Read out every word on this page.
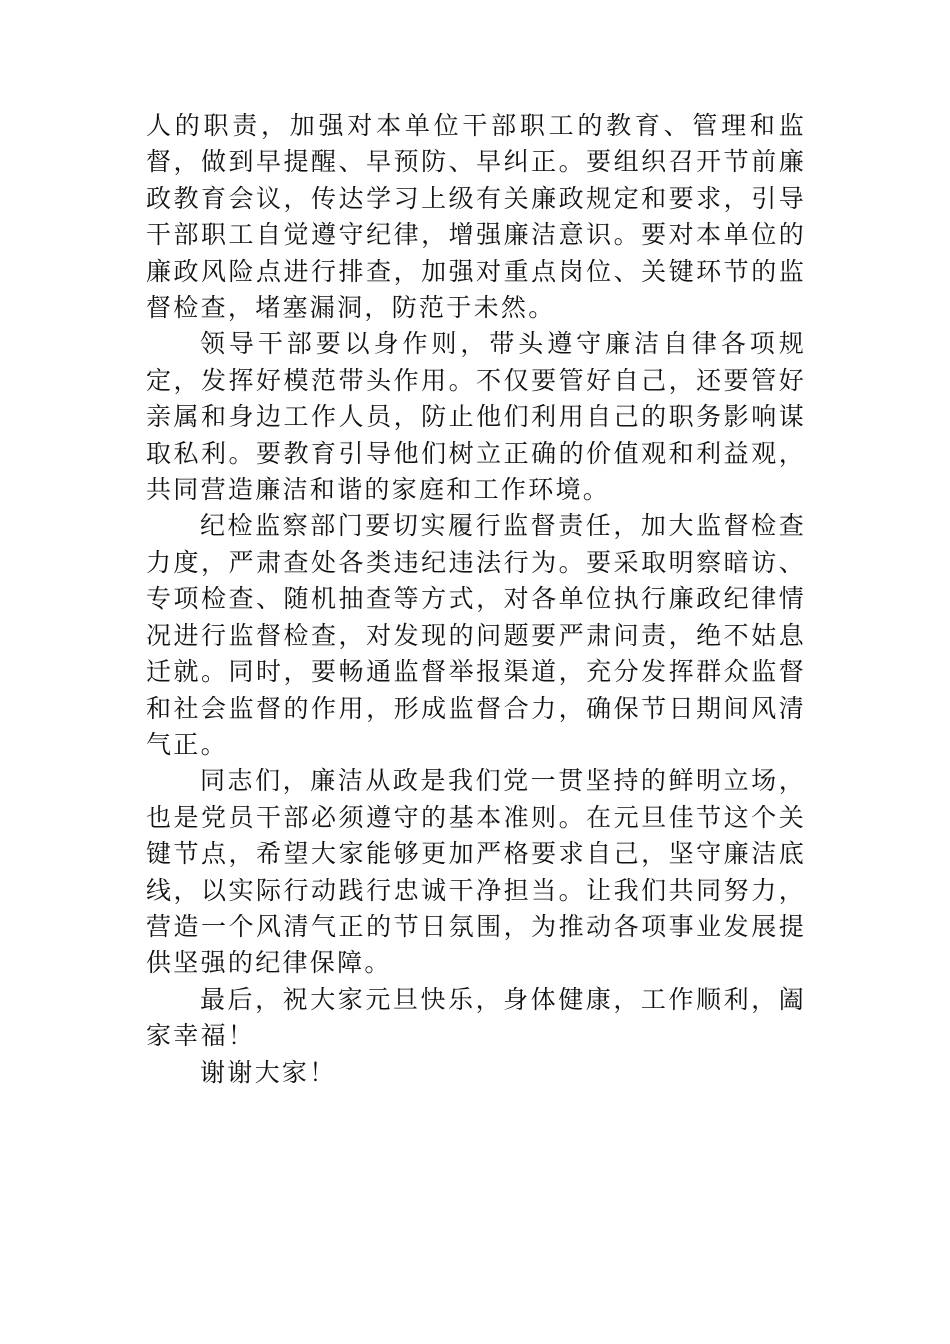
人的职责，加强对本单位干部职工的教育、管理和监督，做到早提醒、早预防、早纠正。要组织召开节前廉政教育会议，传达学习上级有关廉政规定和要求，引导干部职工自觉遵守纪律，增强廉洁意识。要对本单位的廉政风险点进行排查，加强对重点岗位、关键环节的监督检查，堵塞漏洞，防范于未然。

领导干部要以身作则，带头遵守廉洁自律各项规定，发挥好模范带头作用。不仅要管好自己，还要管好亲属和身边工作人员，防止他们利用自己的职务影响谋取私利。要教育引导他们树立正确的价值观和利益观，共同营造廉洁和谐的家庭和工作环境。

纪检监察部门要切实履行监督责任，加大监督检查力度，严肃查处各类违纪违法行为。要采取明察暗访、专项检查、随机抽查等方式，对各单位执行廉政纪律情况进行监督检查，对发现的问题要严肃问责，绝不姑息迁就。同时，要畅通监督举报渠道，充分发挥群众监督和社会监督的作用，形成监督合力，确保节日期间风清气正。

同志们，廉洁从政是我们党一贯坚持的鲜明立场，也是党员干部必须遵守的基本准则。在元旦佳节这个关键节点，希望大家能够更加严格要求自己，坚守廉洁底线，以实际行动践行忠诚干净担当。让我们共同努力，营造一个风清气正的节日氛围，为推动各项事业发展提供坚强的纪律保障。

最后，祝大家元旦快乐，身体健康，工作顺利，阖家幸福！

谢谢大家！
